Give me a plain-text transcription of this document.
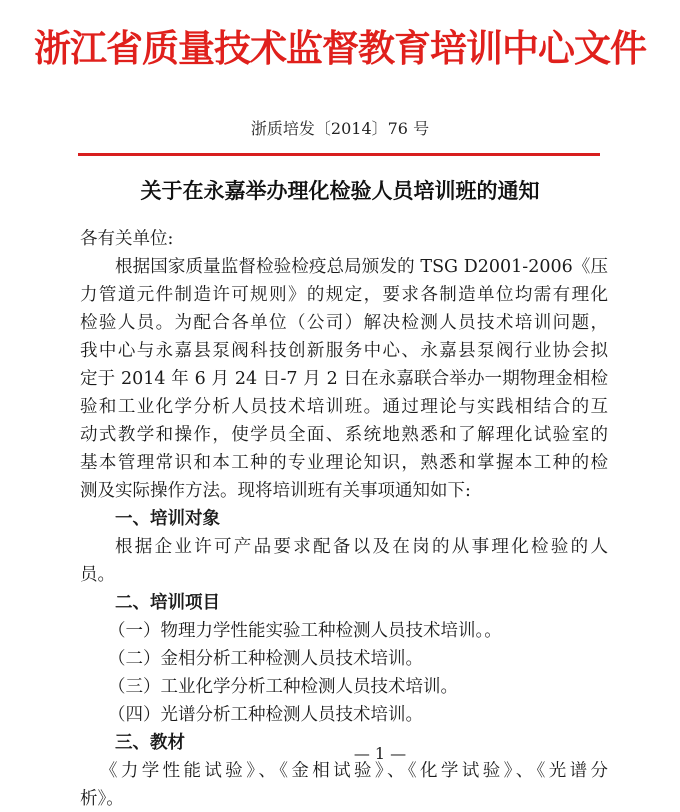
浙江省质量技术监督教育培训中心文件
浙质培发〔2014〕76 号
关于在永嘉举办理化检验人员培训班的通知
各有关单位:
根据国家质量监督检验检疫总局颁发的 TSG D2001-2006《压
力管道元件制造许可规则》的规定，要求各制造单位均需有理化
检验人员。为配合各单位（公司）解决检测人员技术培训问题，
我中心与永嘉县泵阀科技创新服务中心、永嘉县泵阀行业协会拟
定于 2014 年 6 月 24 日-7 月 2 日在永嘉联合举办一期物理金相检
验和工业化学分析人员技术培训班。通过理论与实践相结合的互
动式教学和操作，使学员全面、系统地熟悉和了解理化试验室的
基本管理常识和本工种的专业理论知识，熟悉和掌握本工种的检
测及实际操作方法。现将培训班有关事项通知如下:
一、培训对象
根据企业许可产品要求配备以及在岗的从事理化检验的人
员。
二、培训项目
（一）物理力学性能实验工种检测人员技术培训。。
（二）金相分析工种检测人员技术培训。
（三）工业化学分析工种检测人员技术培训。
（四）光谱分析工种检测人员技术培训。
三、教材
《力学性能试验》、《金相试验》、《化学试验》、《光谱分
析》。
— 1 —
